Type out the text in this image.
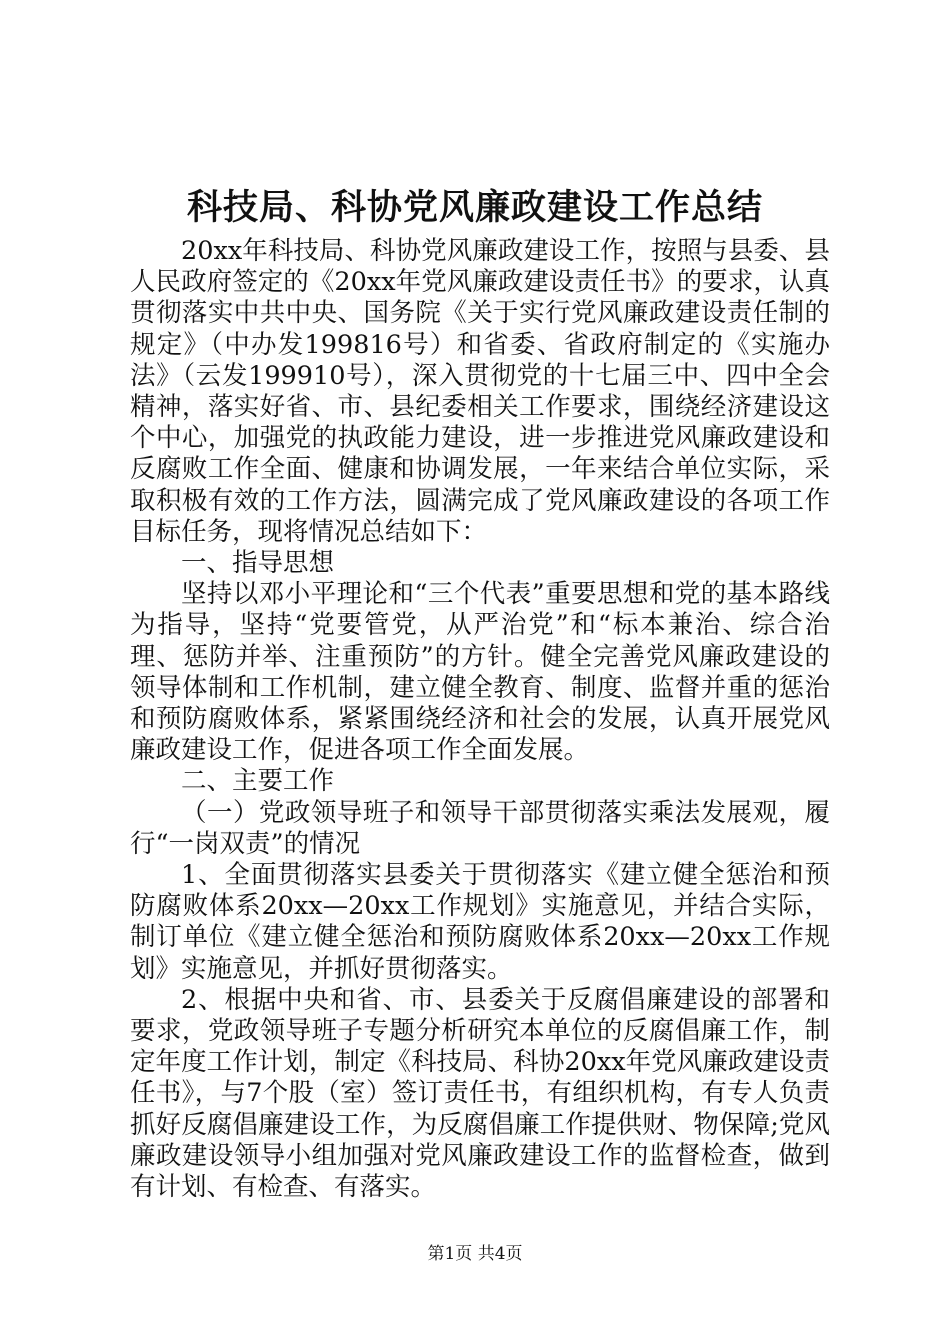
科技局、科协党风廉政建设工作总结

20xx年科技局、科协党风廉政建设工作，按照与县委、县人民政府签定的《20xx年党风廉政建设责任书》的要求，认真贯彻落实中共中央、国务院《关于实行党风廉政建设责任制的规定》（中办发199816号）和省委、省政府制定的《实施办法》（云发199910号），深入贯彻党的十七届三中、四中全会精神，落实好省、市、县纪委相关工作要求，围绕经济建设这个中心，加强党的执政能力建设，进一步推进党风廉政建设和反腐败工作全面、健康和协调发展，一年来结合单位实际，采取积极有效的工作方法，圆满完成了党风廉政建设的各项工作目标任务，现将情况总结如下：

一、指导思想

坚持以邓小平理论和“三个代表”重要思想和党的基本路线为指导，坚持“党要管党，从严治党”和“标本兼治、综合治理、惩防并举、注重预防”的方针。健全完善党风廉政建设的领导体制和工作机制，建立健全教育、制度、监督并重的惩治和预防腐败体系，紧紧围绕经济和社会的发展，认真开展党风廉政建设工作，促进各项工作全面发展。

二、主要工作

（一）党政领导班子和领导干部贯彻落实乘法发展观，履行“一岗双责”的情况

1、全面贯彻落实县委关于贯彻落实《建立健全惩治和预防腐败体系20xx—20xx工作规划》实施意见，并结合实际，制订单位《建立健全惩治和预防腐败体系20xx—20xx工作规划》实施意见，并抓好贯彻落实。

2、根据中央和省、市、县委关于反腐倡廉建设的部署和要求，党政领导班子专题分析研究本单位的反腐倡廉工作，制定年度工作计划，制定《科技局、科协20xx年党风廉政建设责任书》，与7个股（室）签订责任书，有组织机构，有专人负责抓好反腐倡廉建设工作，为反腐倡廉工作提供财、物保障;党风廉政建设领导小组加强对党风廉政建设工作的监督检查，做到有计划、有检查、有落实。

第1页 共4页
